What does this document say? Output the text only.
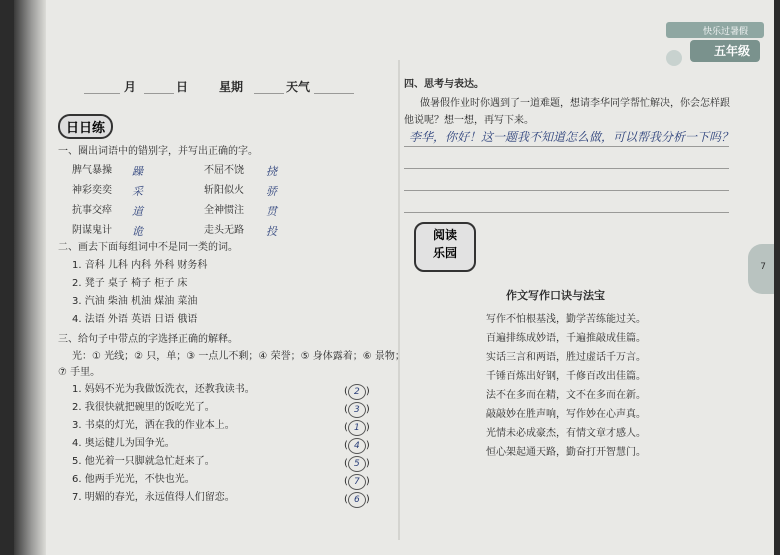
快乐过暑假
五年级
月	日	星期	天气
日日练
一、圈出词语中的错别字，并写出正确的字。
脾气暴操 躁	不屈不饶 挠
神彩奕奕 采	斩阳似火 骄
抗事交瘁 道	全神惯注 贯
阴谋鬼计 诡	走头无路 投
二、画去下面每组词中不是同一类的词。
1. 音科 儿科 内科 外科 财务科
2. 凳子 桌子 椅子 柜子 床
3. 汽油 柴油 机油 煤油 菜油
4. 法语 外语 英语 日语 俄语
三、给句子中带点的字选择正确的解释。
光：① 光线；② 只，单；③ 一点儿不剩；④ 荣誉；⑤ 身体露着；⑥ 景物；
⑦ 手里。
1. 妈妈不光为我做饭洗衣，还教我读书。	( 2 )
2. 我很快就把碗里的饭吃光了。	( 3 )
3. 书桌的灯光，洒在我的作业本上。	( 1 )
4. 奥运健儿为国争光。	( 4 )
5. 他光着一只脚就急忙赶来了。	( 5 )
6. 他两手光光，不快也光。	( 7 )
7. 明媚的春光，永远值得人们留恋。	( 6 )
四、思考与表达。
做暑假作业时你遇到了一道难题，想请李华同学帮忙解决，你会怎样跟
他说呢？想一想，再写下来。
李华，你好！这一题我不知道怎么做，可以帮我分析一下吗？
阅读
乐园
作文写作口诀与法宝
写作不怕根基浅，勤学苦练能过关。
百遍排练成妙语，千遍推敲成佳篇。
实话三言和两语，胜过虚话千万言。
千锤百炼出好钢，千修百改出佳篇。
法不在多而在精，文不在多而在新。
敲敲妙在胜声响，写作妙在心声真。
光情未必成豪杰，有情文章才感人。
恒心架起通天路，勤奋打开智慧门。
7
